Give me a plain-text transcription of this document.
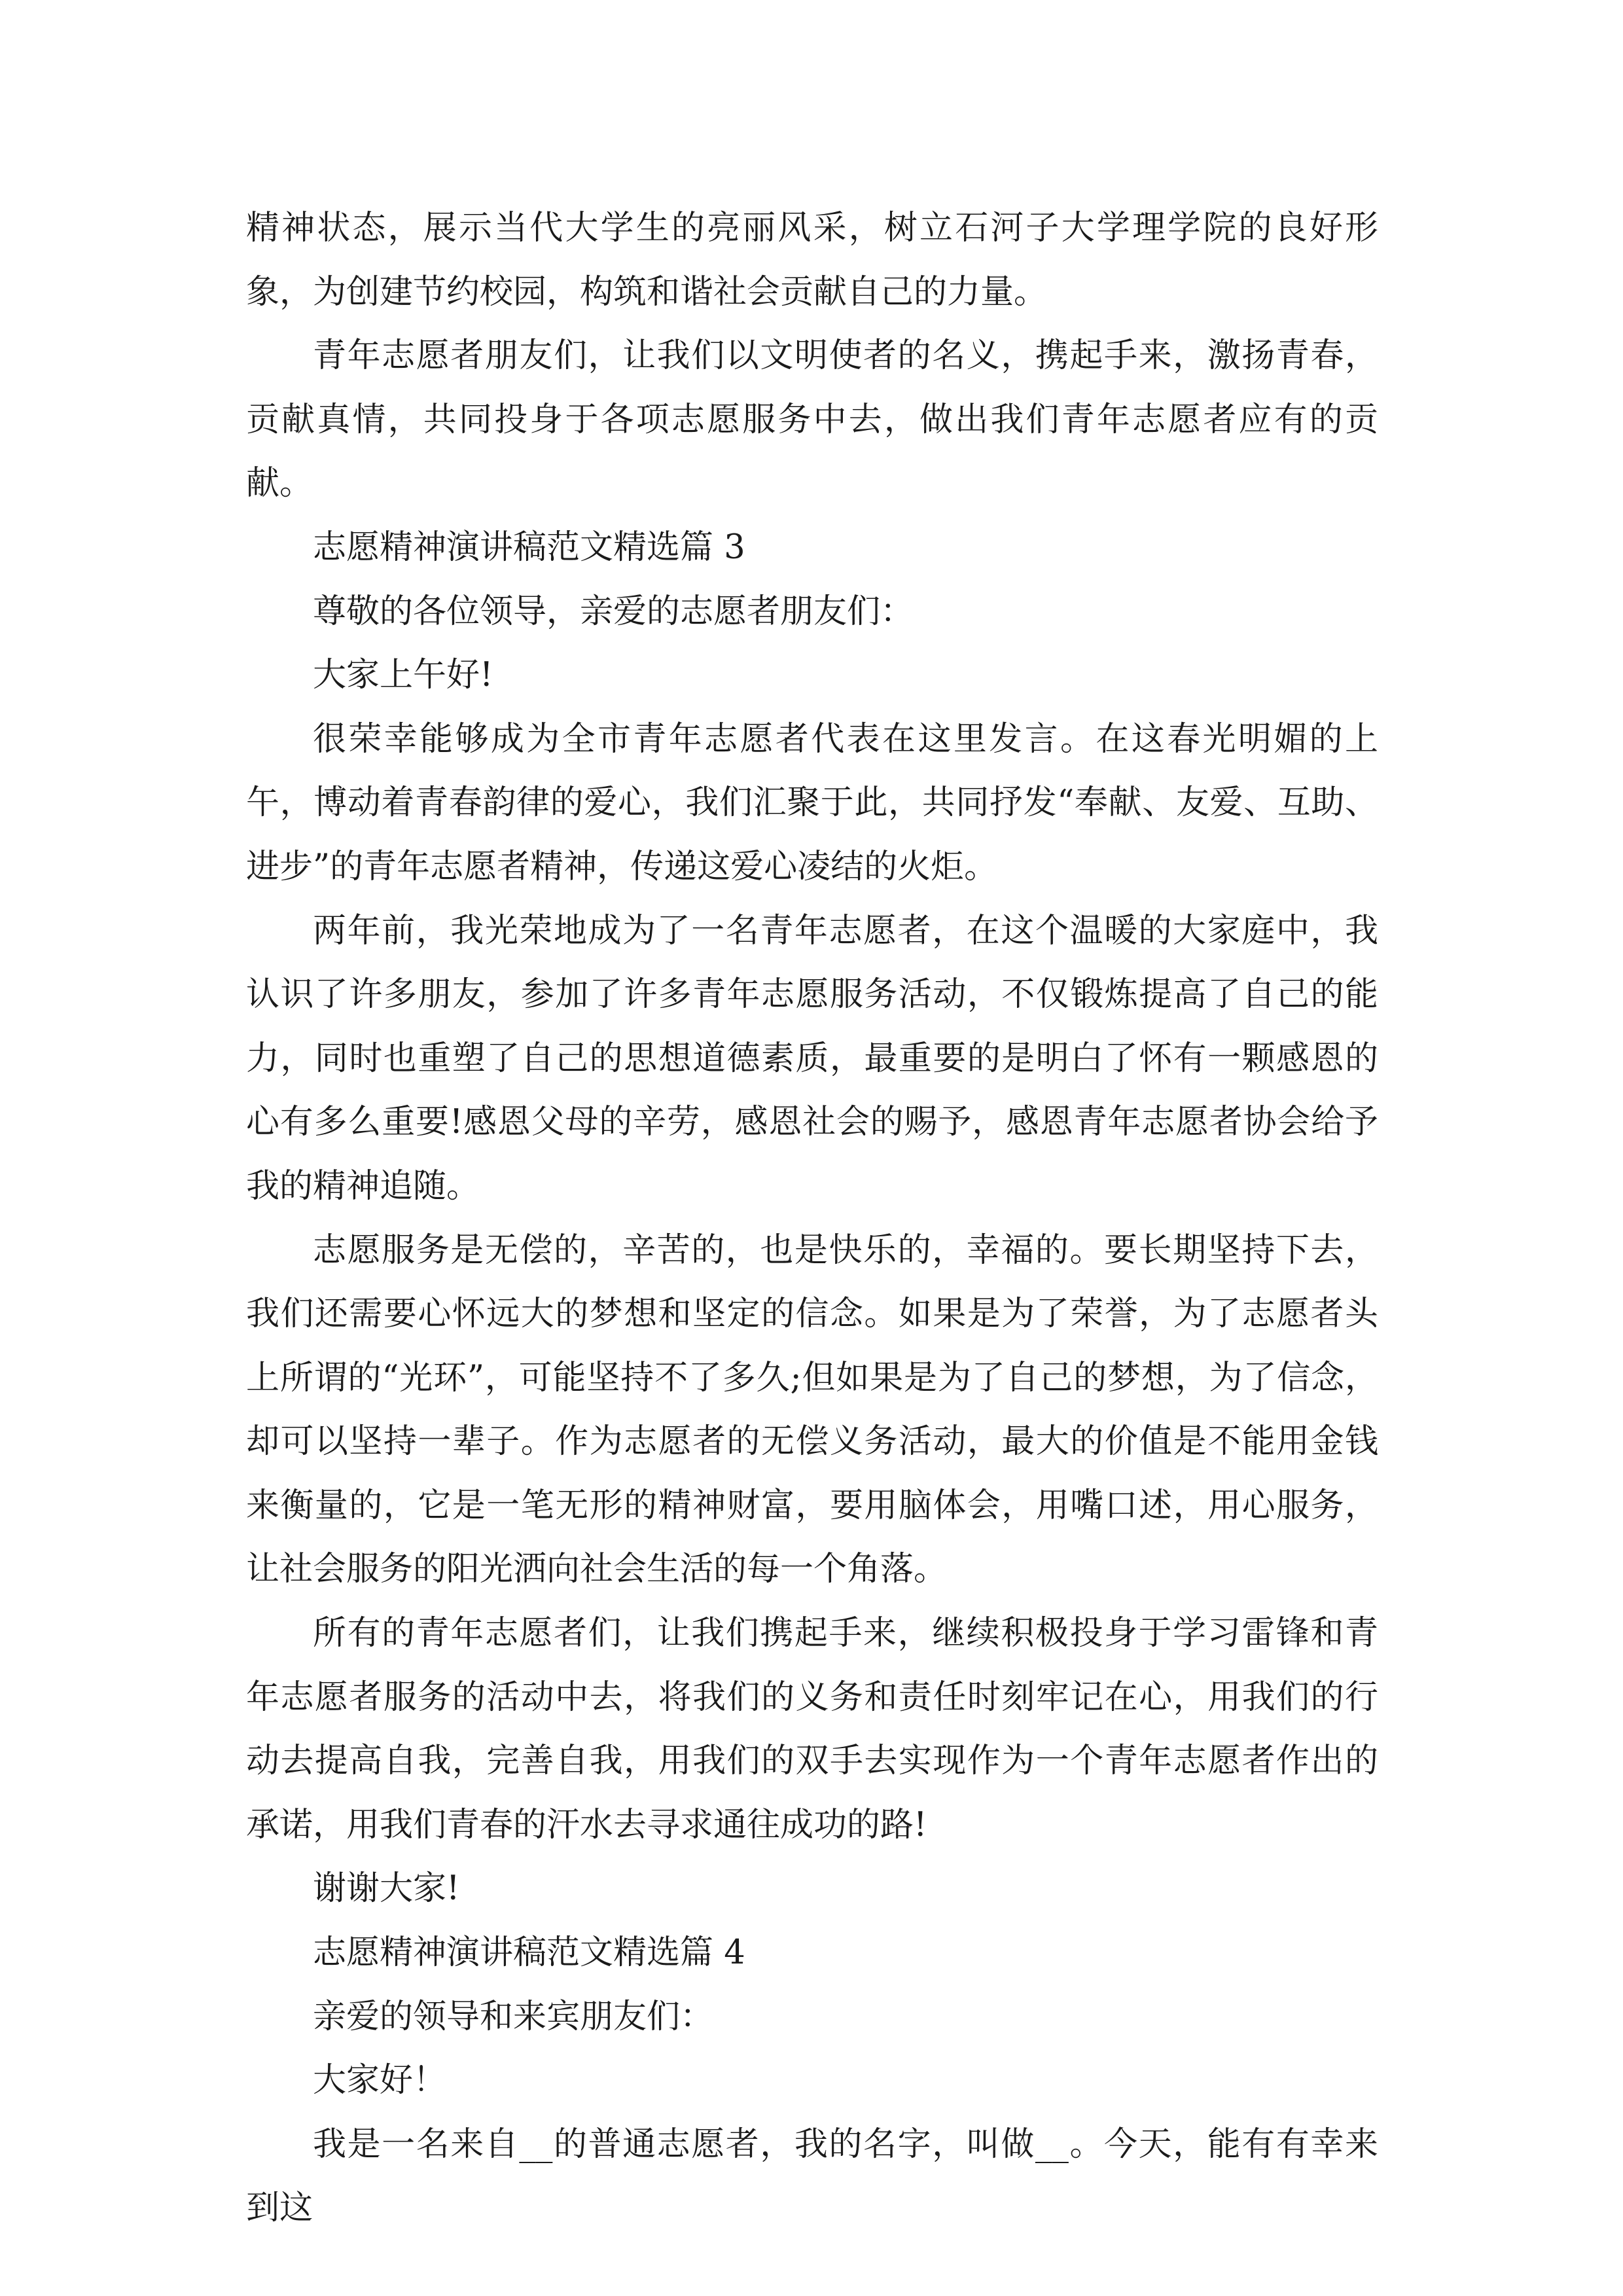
精神状态，展示当代大学生的亮丽风采，树立石河子大学理学院的良好形象，为创建节约校园，构筑和谐社会贡献自己的力量。

青年志愿者朋友们，让我们以文明使者的名义，携起手来，激扬青春，贡献真情，共同投身于各项志愿服务中去，做出我们青年志愿者应有的贡献。

志愿精神演讲稿范文精选篇 3

尊敬的各位领导，亲爱的志愿者朋友们：

大家上午好!

很荣幸能够成为全市青年志愿者代表在这里发言。在这春光明媚的上午，博动着青春韵律的爱心，我们汇聚于此，共同抒发“奉献、友爱、互助、进步”的青年志愿者精神，传递这爱心凌结的火炬。

两年前，我光荣地成为了一名青年志愿者，在这个温暖的大家庭中，我认识了许多朋友，参加了许多青年志愿服务活动，不仅锻炼提高了自己的能力，同时也重塑了自己的思想道德素质，最重要的是明白了怀有一颗感恩的心有多么重要!感恩父母的辛劳，感恩社会的赐予，感恩青年志愿者协会给予我的精神追随。

志愿服务是无偿的，辛苦的，也是快乐的，幸福的。要长期坚持下去，我们还需要心怀远大的梦想和坚定的信念。如果是为了荣誉，为了志愿者头上所谓的“光环”，可能坚持不了多久;但如果是为了自己的梦想，为了信念，却可以坚持一辈子。作为志愿者的无偿义务活动，最大的价值是不能用金钱来衡量的，它是一笔无形的精神财富，要用脑体会，用嘴口述，用心服务，让社会服务的阳光洒向社会生活的每一个角落。

所有的青年志愿者们，让我们携起手来，继续积极投身于学习雷锋和青年志愿者服务的活动中去，将我们的义务和责任时刻牢记在心，用我们的行动去提高自我，完善自我，用我们的双手去实现作为一个青年志愿者作出的承诺，用我们青春的汗水去寻求通往成功的路!

谢谢大家!

志愿精神演讲稿范文精选篇 4

亲爱的领导和来宾朋友们：

大家好！

我是一名来自__的普通志愿者，我的名字，叫做__。今天，能有有幸来到这
